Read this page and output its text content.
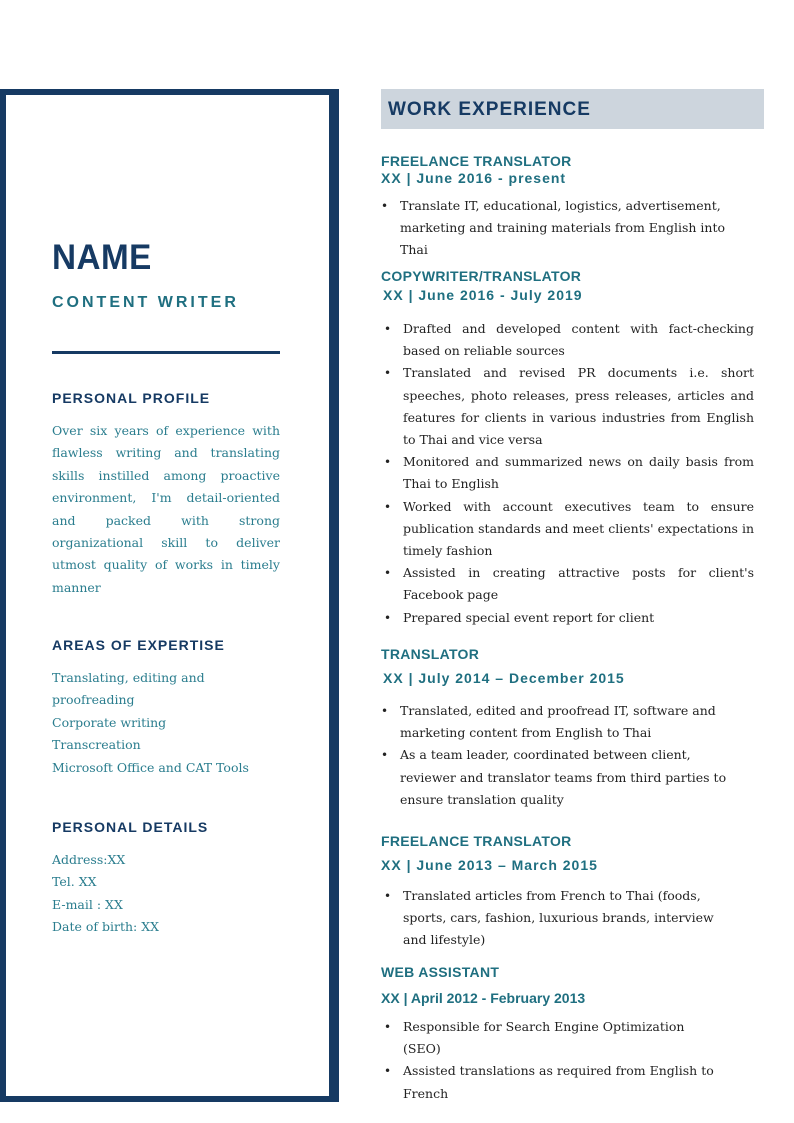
NAME
CONTENT WRITER
PERSONAL PROFILE
Over six years of experience with flawless writing and translating skills instilled among proactive environment, I'm detail-oriented and packed with strong organizational skill to deliver utmost quality of works in timely manner
AREAS OF EXPERTISE
Translating, editing and proofreading
Corporate writing
Transcreation
Microsoft Office and CAT Tools
PERSONAL DETAILS
Address:XX
Tel. XX
E-mail : XX
Date of birth: XX
WORK EXPERIENCE
FREELANCE TRANSLATOR
XX | June 2016 - present
• Translate IT, educational, logistics, advertisement, marketing and training materials from English into Thai
COPYWRITER/TRANSLATOR
XX | June 2016 - July 2019
• Drafted and developed content with fact-checking based on reliable sources
• Translated and revised PR documents i.e. short speeches, photo releases, press releases, articles and features for clients in various industries from English to Thai and vice versa
• Monitored and summarized news on daily basis from Thai to English
• Worked with account executives team to ensure publication standards and meet clients' expectations in timely fashion
• Assisted in creating attractive posts for client's Facebook page
• Prepared special event report for client
TRANSLATOR
XX | July 2014 – December 2015
• Translated, edited and proofread IT, software and marketing content from English to Thai
• As a team leader, coordinated between client, reviewer and translator teams from third parties to ensure translation quality
FREELANCE TRANSLATOR
XX | June 2013 – March 2015
• Translated articles from French to Thai (foods, sports, cars, fashion, luxurious brands, interview and lifestyle)
WEB ASSISTANT
XX | April 2012 - February 2013
• Responsible for Search Engine Optimization (SEO)
• Assisted translations as required from English to French
